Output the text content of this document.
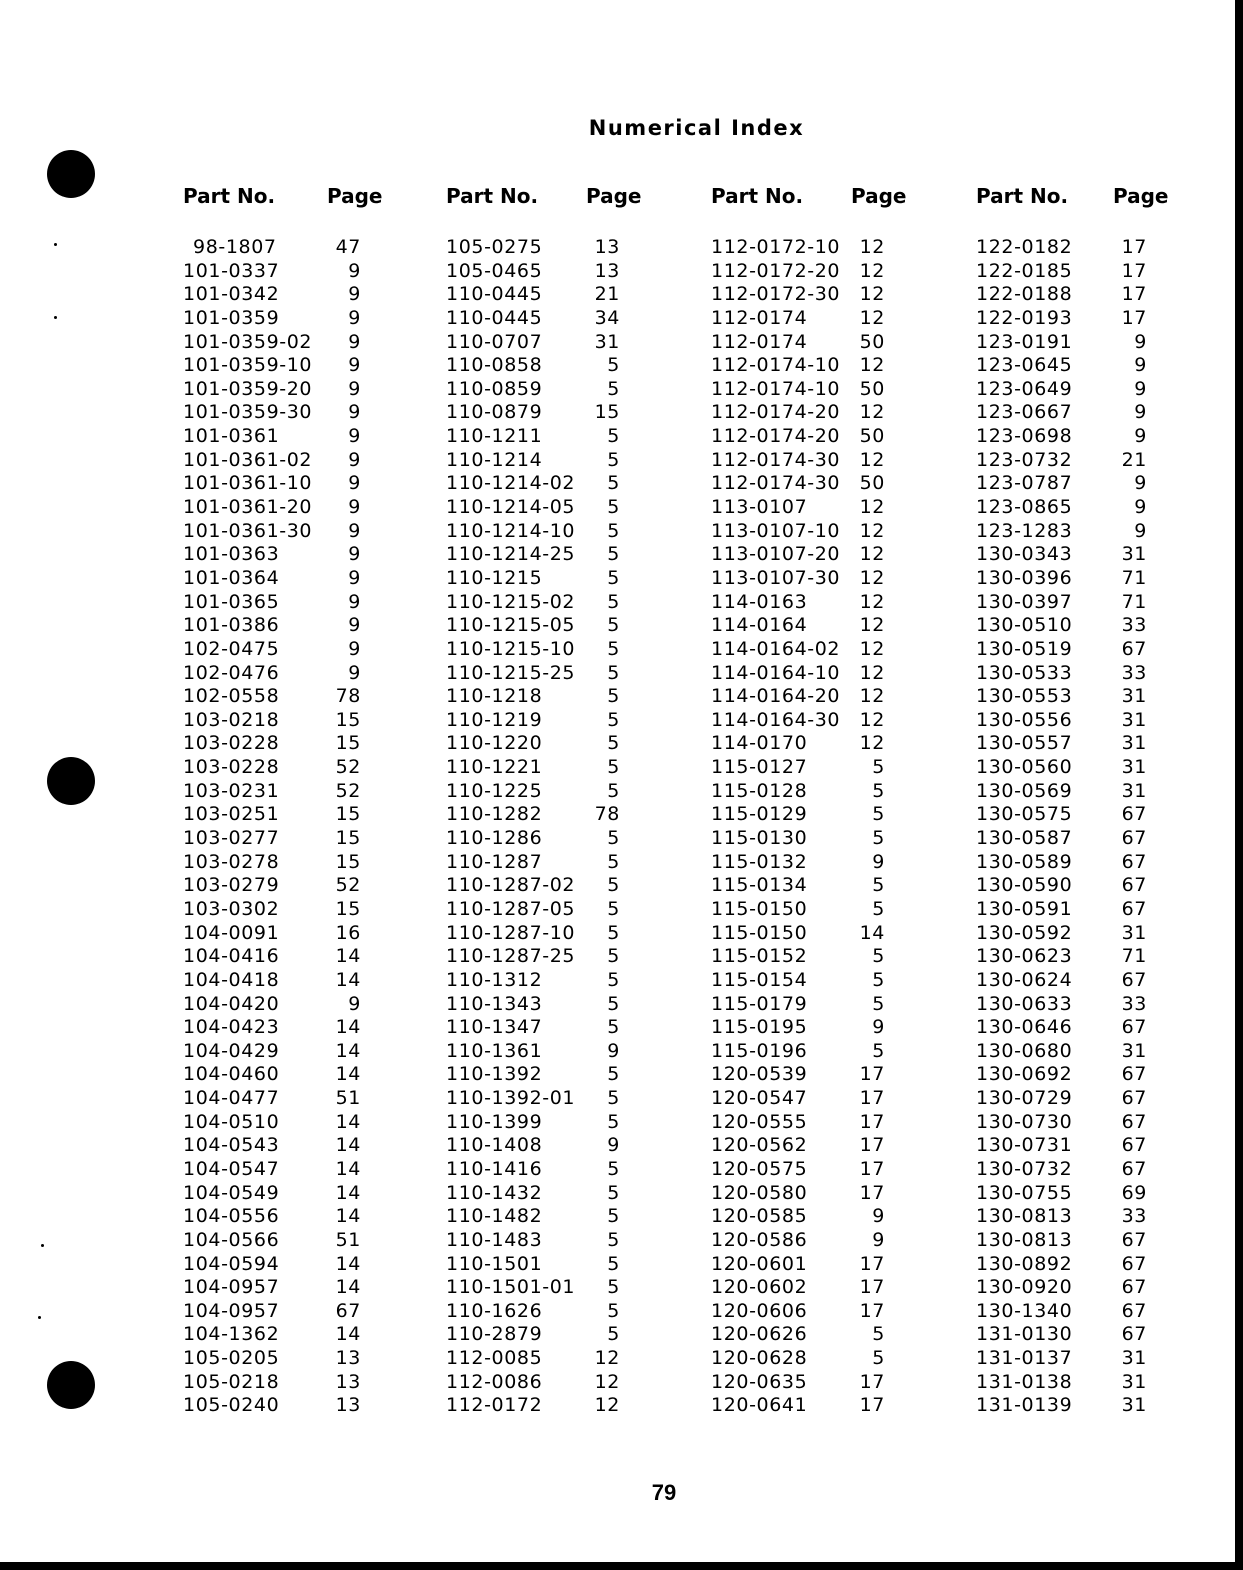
Numerical Index
Part No.	Page
98-1807	47
101-0337	9
101-0342	9
101-0359	9
101-0359-02	9
101-0359-10	9
101-0359-20	9
101-0359-30	9
101-0361	9
101-0361-02	9
101-0361-10	9
101-0361-20	9
101-0361-30	9
101-0363	9
101-0364	9
101-0365	9
101-0386	9
102-0475	9
102-0476	9
102-0558	78
103-0218	15
103-0228	15
103-0228	52
103-0231	52
103-0251	15
103-0277	15
103-0278	15
103-0279	52
103-0302	15
104-0091	16
104-0416	14
104-0418	14
104-0420	9
104-0423	14
104-0429	14
104-0460	14
104-0477	51
104-0510	14
104-0543	14
104-0547	14
104-0549	14
104-0556	14
104-0566	51
104-0594	14
104-0957	14
104-0957	67
104-1362	14
105-0205	13
105-0218	13
105-0240	13
Part No. Page
105-0275	13
105-0465	13
110-0445	21
110-0445	34
110-0707	31
110-0858	5
110-0859	5
110-0879	15
110-1211	5
110-1214	5
110-1214-02	5
110-1214-05	5
110-1214-10	5
110-1214-25	5
110-1215	5
110-1215-02	5
110-1215-05	5
110-1215-10	5
110-1215-25	5
110-1218	5
110-1219	5
110-1220	5
110-1221	5
110-1225	5
110-1282	78
110-1286	5
110-1287	5
110-1287-02	5
110-1287-05	5
110-1287-10	5
110-1287-25	5
110-1312	5
110-1343	5
110-1347	5
110-1361	9
110-1392	5
110-1392-01	5
110-1399	5
110-1408	9
110-1416	5
110-1432	5
110-1482	5
110-1483	5
110-1501	5
110-1501-01	5
110-1626	5
110-2879	5
112-0085	12
112-0086	12
112-0172	12
Part No. Page
112-0172-10	12
112-0172-20	12
112-0172-30	12
112-0174	12
112-0174	50
112-0174-10	12
112-0174-10	50
112-0174-20	12
112-0174-20	50
112-0174-30	12
112-0174-30	50
113-0107	12
113-0107-10	12
113-0107-20	12
113-0107-30	12
114-0163	12
114-0164	12
114-0164-02	12
114-0164-10	12
114-0164-20	12
114-0164-30	12
114-0170	12
115-0127	5
115-0128	5
115-0129	5
115-0130	5
115-0132	9
115-0134	5
115-0150	5
115-0150	14
115-0152	5
115-0154	5
115-0179	5
115-0195	9
115-0196	5
120-0539	17
120-0547	17
120-0555	17
120-0562	17
120-0575	17
120-0580	17
120-0585	9
120-0586	9
120-0601	17
120-0602	17
120-0606	17
120-0626	5
120-0628	5
120-0635	17
120-0641	17
Part No. Page
122-0182	17
122-0185	17
122-0188	17
122-0193	17
123-0191	9
123-0645	9
123-0649	9
123-0667	9
123-0698	9
123-0732	21
123-0787	9
123-0865	9
123-1283	9
130-0343	31
130-0396	71
130-0397	71
130-0510	33
130-0519	67
130-0533	33
130-0553	31
130-0556	31
130-0557	31
130-0560	31
130-0569	31
130-0575	67
130-0587	67
130-0589	67
130-0590	67
130-0591	67
130-0592	31
130-0623	71
130-0624	67
130-0633	33
130-0646	67
130-0680	31
130-0692	67
130-0729	67
130-0730	67
130-0731	67
130-0732	67
130-0755	69
130-0813	33
130-0813	67
130-0892	67
130-0920	67
130-1340	67
131-0130	67
131-0137	31
131-0138	31
131-0139	31
79
